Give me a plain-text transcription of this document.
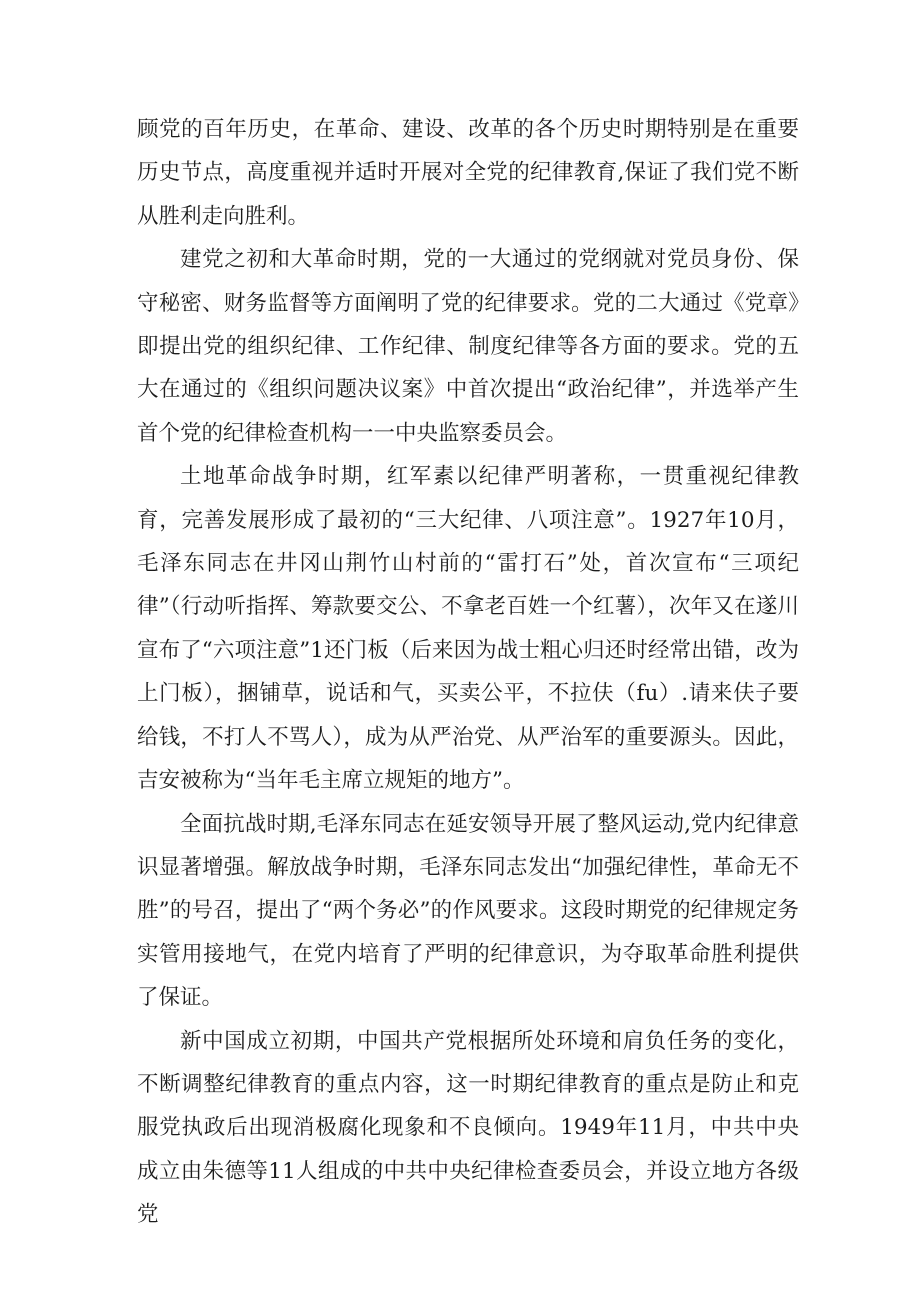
顾党的百年历史，在革命、建设、改革的各个历史时期特别是在重要历史节点，高度重视并适时开展对全党的纪律教育,保证了我们党不断从胜利走向胜利。

建党之初和大革命时期，党的一大通过的党纲就对党员身份、保守秘密、财务监督等方面阐明了党的纪律要求。党的二大通过《党章》即提出党的组织纪律、工作纪律、制度纪律等各方面的要求。党的五大在通过的《组织问题决议案》中首次提出“政治纪律”，并选举产生首个党的纪律检查机构一一中央监察委员会。

土地革命战争时期，红军素以纪律严明著称，一贯重视纪律教育，完善发展形成了最初的“三大纪律、八项注意”。1927年10月，毛泽东同志在井冈山荆竹山村前的“雷打石”处，首次宣布“三项纪律”（行动听指挥、筹款要交公、不拿老百姓一个红薯），次年又在遂川宣布了“六项注意”1还门板（后来因为战士粗心归还时经常出错，改为上门板），捆铺草，说话和气，买卖公平，不拉伕（fu）.请来伕子要给钱，不打人不骂人），成为从严治党、从严治军的重要源头。因此，吉安被称为“当年毛主席立规矩的地方”。

全面抗战时期,毛泽东同志在延安领导开展了整风运动,党内纪律意识显著增强。解放战争时期，毛泽东同志发出“加强纪律性，革命无不胜”的号召，提出了“两个务必”的作风要求。这段时期党的纪律规定务实管用接地气，在党内培育了严明的纪律意识，为夺取革命胜利提供了保证。

新中国成立初期，中国共产党根据所处环境和肩负任务的变化，不断调整纪律教育的重点内容，这一时期纪律教育的重点是防止和克服党执政后出现消极腐化现象和不良倾向。1949年11月，中共中央成立由朱德等11人组成的中共中央纪律检查委员会，并设立地方各级党
